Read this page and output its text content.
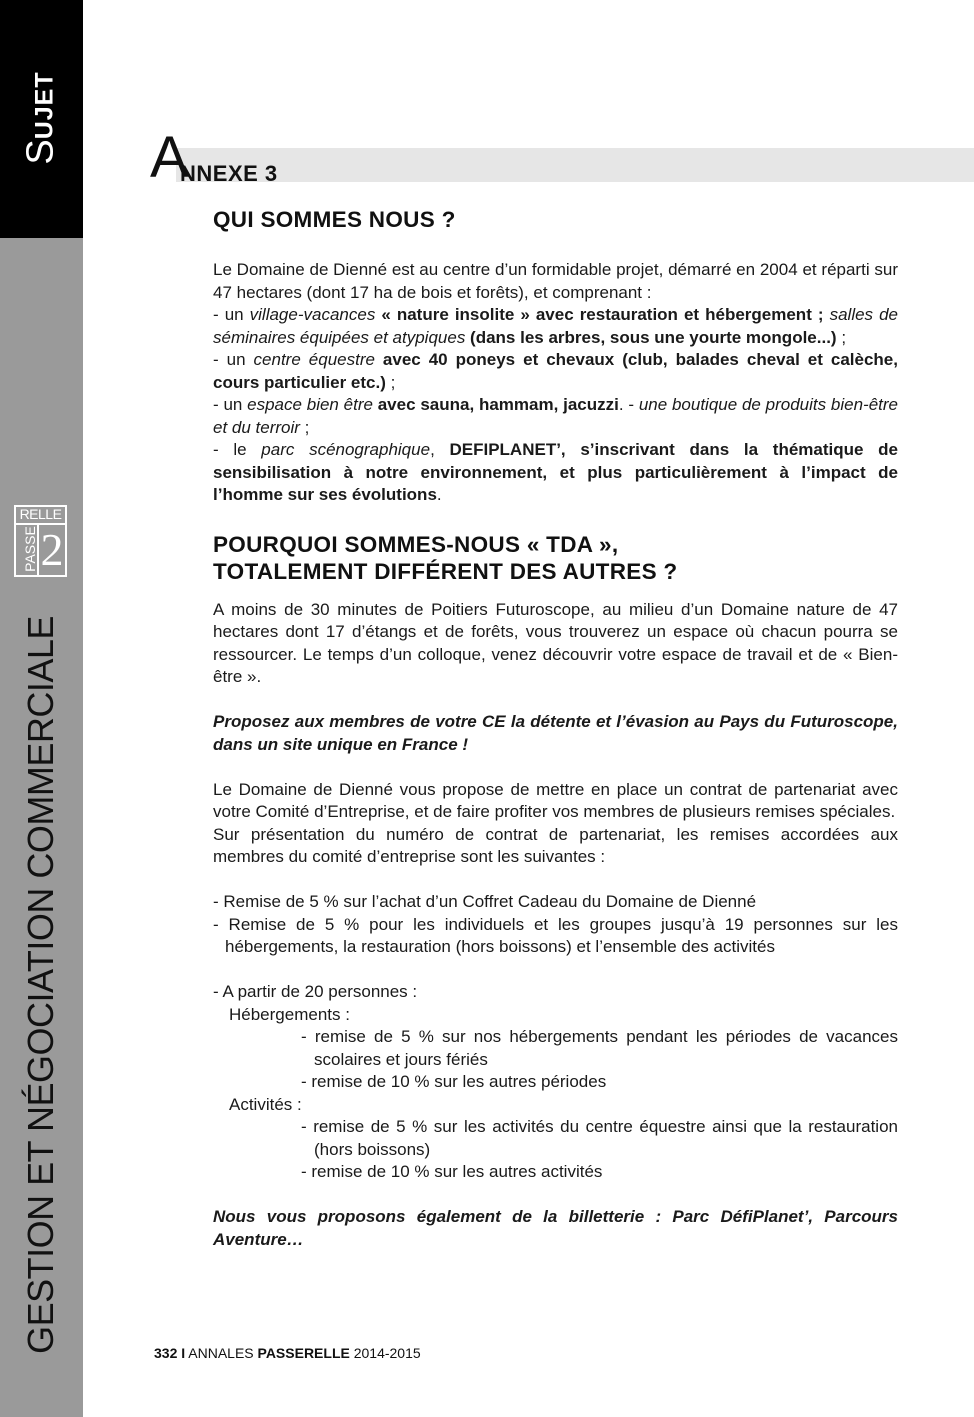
SUJET
RELLE
PASSE 2
GESTION ET NÉGOCIATION COMMERCIALE
A
NNEXE 3
QUI SOMMES NOUS ?

Le Domaine de Dienné est au centre d’un formidable projet, démarré en 2004 et réparti sur 47 hectares (dont 17 ha de bois et forêts), et comprenant :

- un village-vacances « nature insolite » avec restauration et hébergement ; salles de séminaires équipées et atypiques (dans les arbres, sous une yourte mongole...) ;

- un centre équestre avec 40 poneys et chevaux (club, balades cheval et calèche, cours particulier etc.) ;

- un espace bien être avec sauna, hammam, jacuzzi. - une boutique de produits bien-être et du terroir ;

- le parc scénographique, DEFIPLANET’, s’inscrivant dans la thématique de sensibilisation à notre environnement, et plus particulièrement à l’impact de l’homme sur ses évolutions.

POURQUOI SOMMES-NOUS « TDA »,
TOTALEMENT DIFFÉRENT DES AUTRES ?

A moins de 30 minutes de Poitiers Futuroscope, au milieu d’un Domaine nature de 47 hectares dont 17 d’étangs et de forêts, vous trouverez un espace où chacun pourra se ressourcer. Le temps d’un colloque, venez découvrir votre espace de travail et de « Bien-être ».

Proposez aux membres de votre CE la détente et l’évasion au Pays du Futuroscope, dans un site unique en France !

Le Domaine de Dienné vous propose de mettre en place un contrat de partenariat avec votre Comité d’Entreprise, et de faire profiter vos membres de plusieurs remises spéciales.

Sur présentation du numéro de contrat de partenariat, les remises accordées aux membres du comité d’entreprise sont les suivantes :

- Remise de 5 % sur l’achat d’un Coffret Cadeau du Domaine de Dienné
- Remise de 5 % pour les individuels et les groupes jusqu’à 19 personnes sur les hébergements, la restauration (hors boissons) et l’ensemble des activités
- A partir de 20 personnes :
Hébergements :
- remise de 5 % sur nos hébergements pendant les périodes de vacances scolaires et jours fériés
- remise de 10 % sur les autres périodes
Activités :
- remise de 5 % sur les activités du centre équestre ainsi que la restauration (hors boissons)
- remise de 10 % sur les autres activités

Nous vous proposons également de la billetterie : Parc DéfiPlanet’, Parcours Aventure…

332 I ANNALES PASSERELLE 2014-2015
